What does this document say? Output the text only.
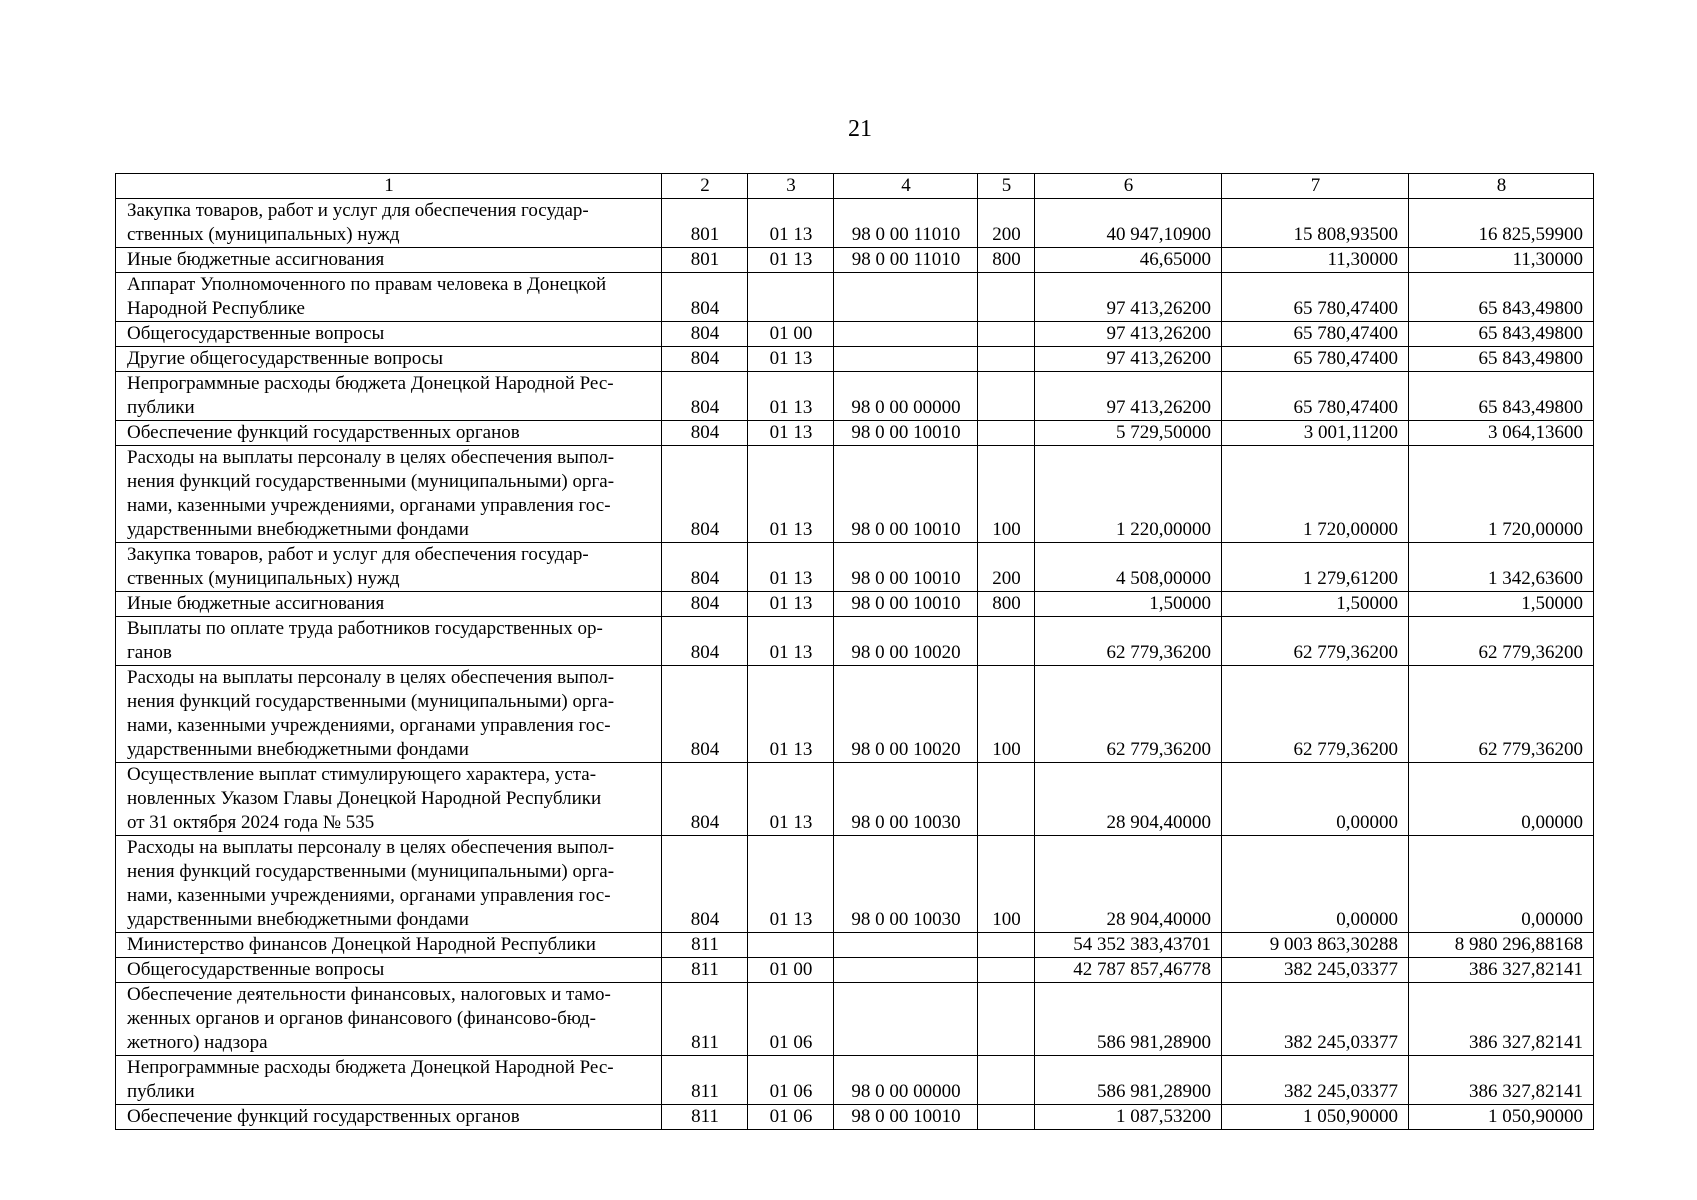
21
1	2	3	4	5	6	7	8
Закупка товаров, работ и услуг для обеспечения государ-
ственных (муниципальных) нужд	801	01 13	98 0 00 11010	200	40 947,10900	15 808,93500	16 825,59900
Иные бюджетные ассигнования	801	01 13	98 0 00 11010	800	46,65000	11,30000	11,30000
Аппарат Уполномоченного по правам человека в Донецкой
Народной Республике	804				97 413,26200	65 780,47400	65 843,49800
Общегосударственные вопросы	804	01 00			97 413,26200	65 780,47400	65 843,49800
Другие общегосударственные вопросы	804	01 13			97 413,26200	65 780,47400	65 843,49800
Непрограммные расходы бюджета Донецкой Народной Рес-
публики	804	01 13	98 0 00 00000		97 413,26200	65 780,47400	65 843,49800
Обеспечение функций государственных органов	804	01 13	98 0 00 10010		5 729,50000	3 001,11200	3 064,13600
Расходы на выплаты персоналу в целях обеспечения выпол-
нения функций государственными (муниципальными) орга-
нами, казенными учреждениями, органами управления гос-
ударственными внебюджетными фондами	804	01 13	98 0 00 10010	100	1 220,00000	1 720,00000	1 720,00000
Закупка товаров, работ и услуг для обеспечения государ-
ственных (муниципальных) нужд	804	01 13	98 0 00 10010	200	4 508,00000	1 279,61200	1 342,63600
Иные бюджетные ассигнования	804	01 13	98 0 00 10010	800	1,50000	1,50000	1,50000
Выплаты по оплате труда работников государственных ор-
ганов	804	01 13	98 0 00 10020		62 779,36200	62 779,36200	62 779,36200
Расходы на выплаты персоналу в целях обеспечения выпол-
нения функций государственными (муниципальными) орга-
нами, казенными учреждениями, органами управления гос-
ударственными внебюджетными фондами	804	01 13	98 0 00 10020	100	62 779,36200	62 779,36200	62 779,36200
Осуществление выплат стимулирующего характера, уста-
новленных Указом Главы Донецкой Народной Республики
от 31 октября 2024 года № 535	804	01 13	98 0 00 10030		28 904,40000	0,00000	0,00000
Расходы на выплаты персоналу в целях обеспечения выпол-
нения функций государственными (муниципальными) орга-
нами, казенными учреждениями, органами управления гос-
ударственными внебюджетными фондами	804	01 13	98 0 00 10030	100	28 904,40000	0,00000	0,00000
Министерство финансов Донецкой Народной Республики	811				54 352 383,43701	9 003 863,30288	8 980 296,88168
Общегосударственные вопросы	811	01 00			42 787 857,46778	382 245,03377	386 327,82141
Обеспечение деятельности финансовых, налоговых и тамо-
женных органов и органов финансового (финансово-бюд-
жетного) надзора	811	01 06			586 981,28900	382 245,03377	386 327,82141
Непрограммные расходы бюджета Донецкой Народной Рес-
публики	811	01 06	98 0 00 00000		586 981,28900	382 245,03377	386 327,82141
Обеспечение функций государственных органов	811	01 06	98 0 00 10010		1 087,53200	1 050,90000	1 050,90000
